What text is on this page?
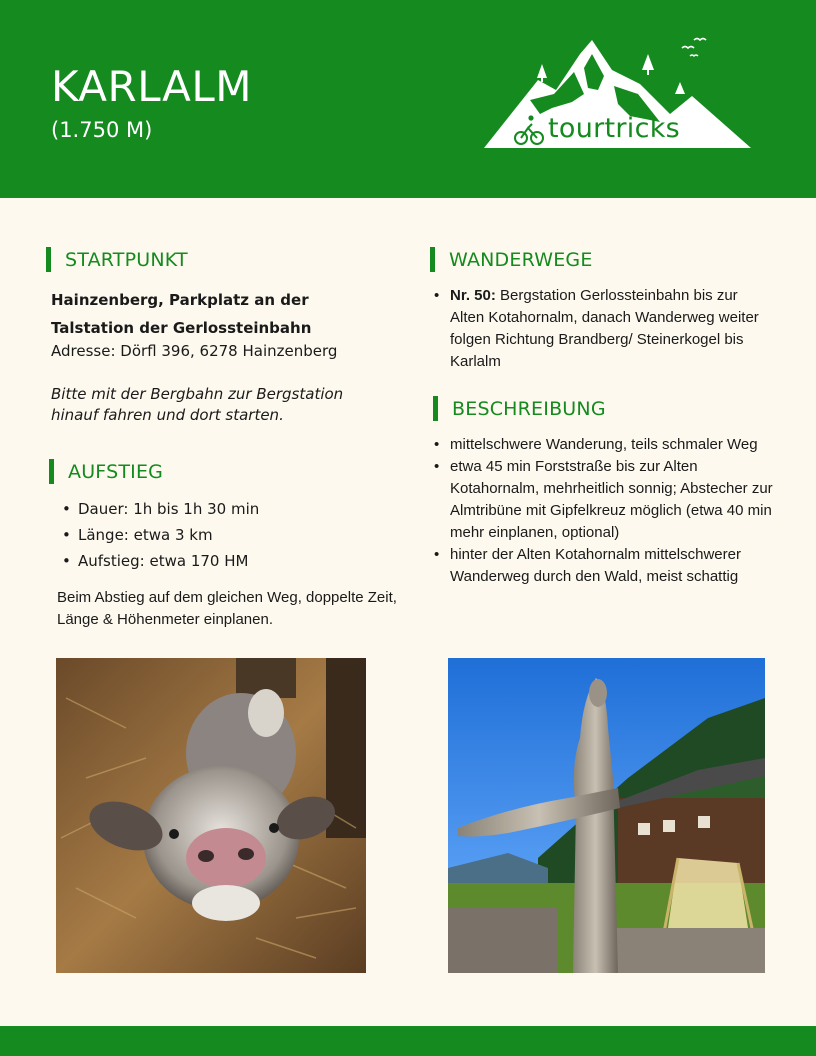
KARLALM
(1.750 M)	tourtricks
STARTPUNKT
Hainzenberg, Parkplatz an der Talstation der Gerlossteinbahn
Adresse: Dörfl 396, 6278 Hainzenberg
Bitte mit der Bergbahn zur Bergstation hinauf fahren und dort starten.
AUFSTIEG
• Dauer: 1h bis 1h 30 min
• Länge: etwa 3 km
• Aufstieg: etwa 170 HM
Beim Abstieg auf dem gleichen Weg, doppelte Zeit, Länge & Höhenmeter einplanen.
WANDERWEGE
• Nr. 50: Bergstation Gerlossteinbahn bis zur Alten Kotahornalm, danach Wanderweg weiter folgen Richtung Brandberg/ Steinerkogel bis Karlalm
BESCHREIBUNG
• mittelschwere Wanderung, teils schmaler Weg
• etwa 45 min Forststraße bis zur Alten Kotahornalm, mehrheitlich sonnig; Abstecher zur Almtribüne mit Gipfelkreuz möglich (etwa 40 min mehr einplanen, optional)
• hinter der Alten Kotahornalm mittelschwerer Wanderweg durch den Wald, meist schattig
